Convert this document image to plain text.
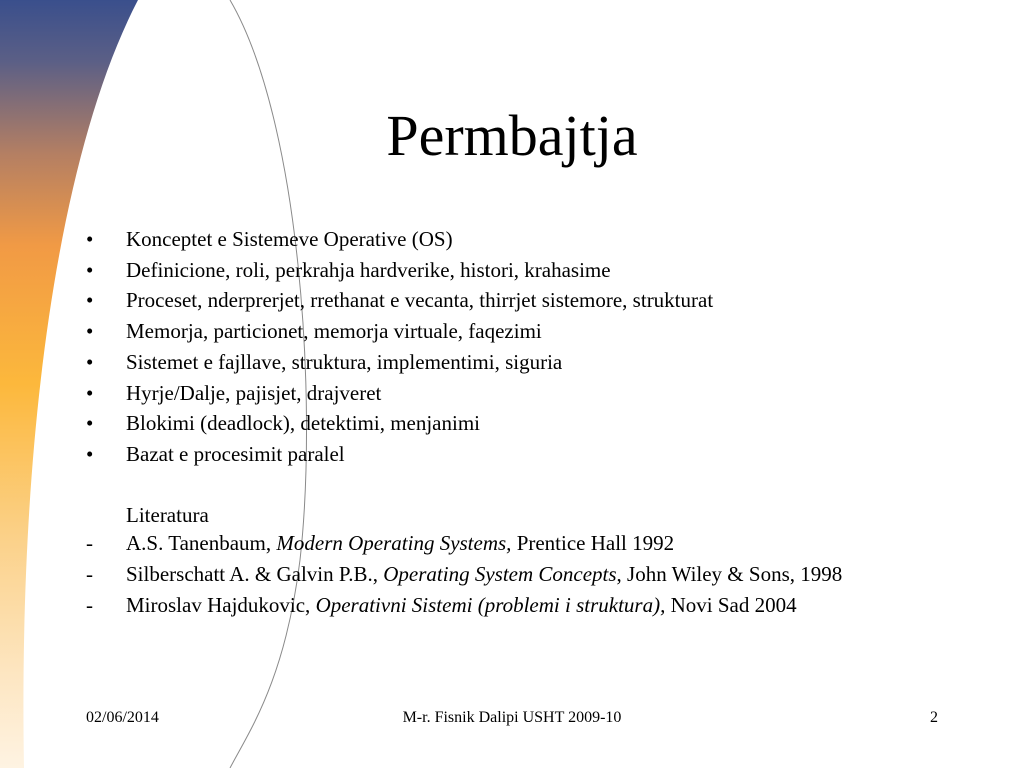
Permbajtja
• Konceptet e Sistemeve Operative (OS)
• Definicione, roli, perkrahja hardverike, histori, krahasime
• Proceset, nderprerjet, rrethanat e vecanta, thirrjet sistemore, strukturat
• Memorja, particionet, memorja virtuale, faqezimi
• Sistemet e fajllave, struktura, implementimi, siguria
• Hyrje/Dalje, pajisjet, drajveret
• Blokimi (deadlock), detektimi, menjanimi
• Bazat e procesimit paralel
Literatura
- A.S. Tanenbaum, Modern Operating Systems, Prentice Hall 1992
- Silberschatt A. & Galvin P.B., Operating System Concepts, John Wiley & Sons, 1998
- Miroslav Hajdukovic, Operativni Sistemi (problemi i struktura), Novi Sad 2004
02/06/2014	M-r. Fisnik Dalipi USHT 2009-10	2
